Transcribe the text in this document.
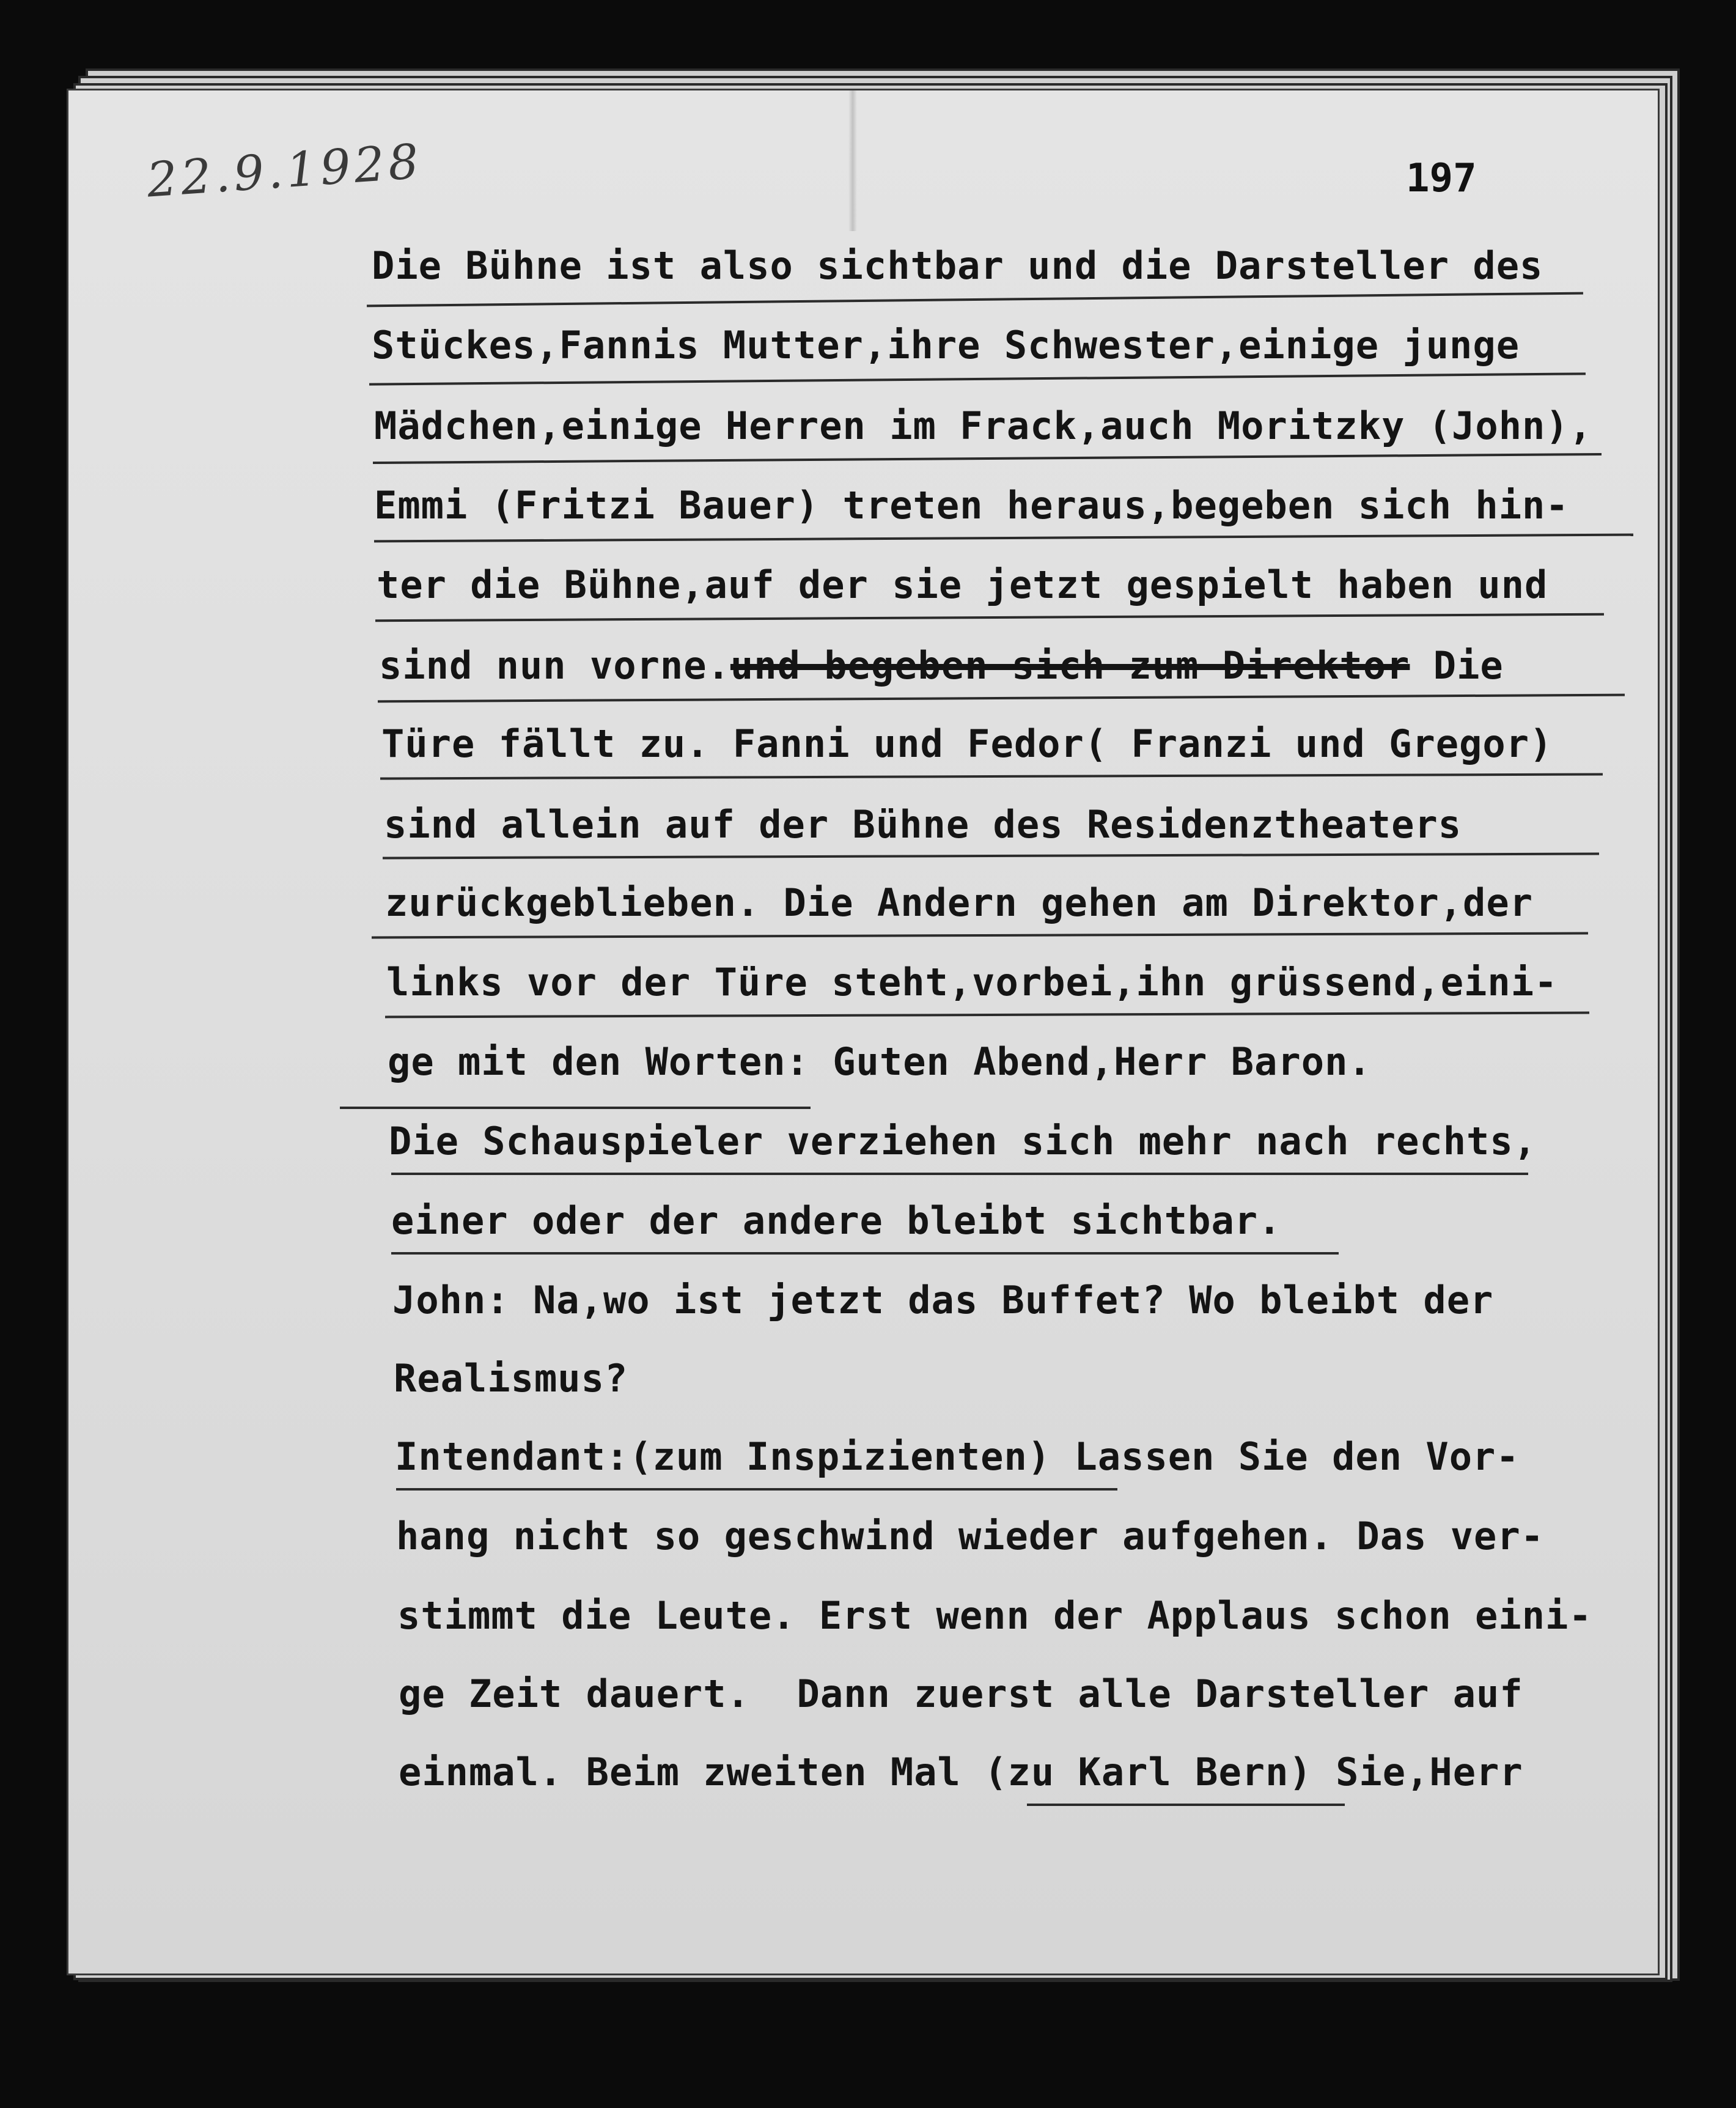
22.9.1928	197
Die Bühne ist also sichtbar und die Darsteller des
Stückes,Fannis Mutter,ihre Schwester,einige junge
Mädchen,einige Herren im Frack,auch Moritzky (John),
Emmi (Fritzi Bauer) treten heraus,begeben sich hin-
ter die Bühne,auf der sie jetzt gespielt haben und
sind nun vorne.und begeben sich zum Direktor Die
Türe fällt zu. Fanni und Fedor( Franzi und Gregor)
sind allein auf der Bühne des Residenztheaters
zurückgeblieben. Die Andern gehen am Direktor,der
links vor der Türe steht,vorbei,ihn grüssend,eini-
ge mit den Worten: Guten Abend,Herr Baron.
Die Schauspieler verziehen sich mehr nach rechts,
einer oder der andere bleibt sichtbar.
John: Na,wo ist jetzt das Buffet? Wo bleibt der
Realismus?
Intendant:(zum Inspizienten) Lassen Sie den Vor-
hang nicht so geschwind wieder aufgehen. Das ver-
stimmt die Leute. Erst wenn der Applaus schon eini-
ge Zeit dauert.  Dann zuerst alle Darsteller auf
einmal. Beim zweiten Mal (zu Karl Bern) Sie,Herr
